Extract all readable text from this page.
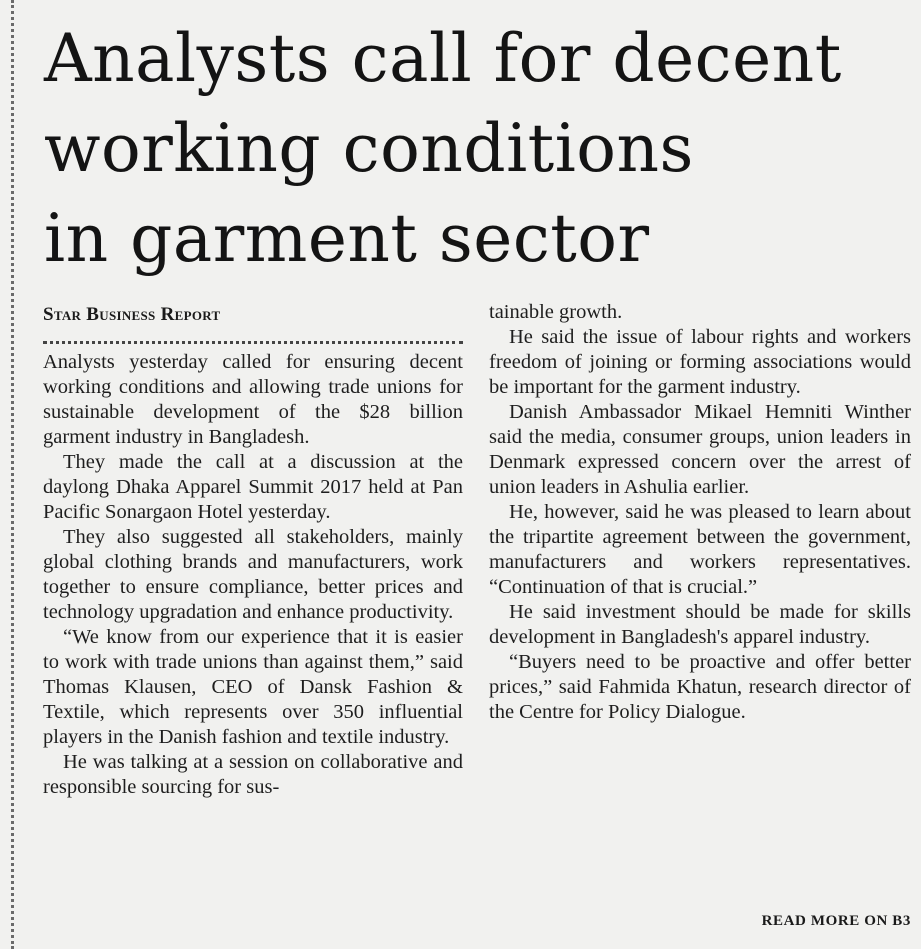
Analysts call for decent
working conditions
in garment sector
Star Business Report

Analysts yesterday called for ensuring decent working conditions and allowing trade unions for sustainable development of the $28 billion garment industry in Bangladesh.

They made the call at a discussion at the daylong Dhaka Apparel Summit 2017 held at Pan Pacific Sonargaon Hotel yesterday.

They also suggested all stakeholders, mainly global clothing brands and manufacturers, work together to ensure compliance, better prices and technology upgradation and enhance productivity.

“We know from our experience that it is easier to work with trade unions than against them,” said Thomas Klausen, CEO of Dansk Fashion & Textile, which represents over 350 influential players in the Danish fashion and textile industry.

He was talking at a session on collaborative and responsible sourcing for sus-

tainable growth.

He said the issue of labour rights and workers freedom of joining or forming associations would be important for the garment industry.

Danish Ambassador Mikael Hemniti Winther said the media, consumer groups, union leaders in Denmark expressed concern over the arrest of union leaders in Ashulia earlier.

He, however, said he was pleased to learn about the tripartite agreement between the government, manufacturers and workers representatives. “Continuation of that is crucial.”

He said investment should be made for skills development in Bangladesh's apparel industry.

“Buyers need to be proactive and offer better prices,” said Fahmida Khatun, research director of the Centre for Policy Dialogue.

READ MORE ON B3
